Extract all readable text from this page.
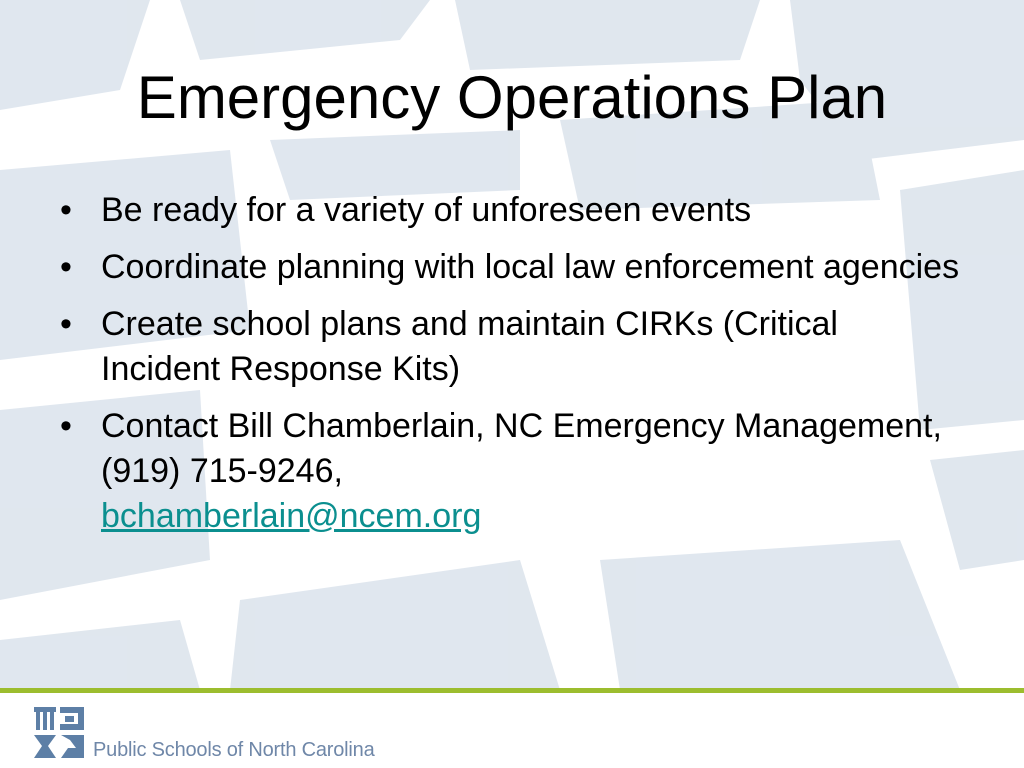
Emergency Operations Plan
• Be ready for a variety of unforeseen events
• Coordinate planning with local law enforcement agencies
• Create school plans and maintain CIRKs (Critical Incident Response Kits)
• Contact Bill Chamberlain, NC Emergency Management, (919) 715-9246,
bchamberlain@ncem.org
Public Schools of North Carolina
